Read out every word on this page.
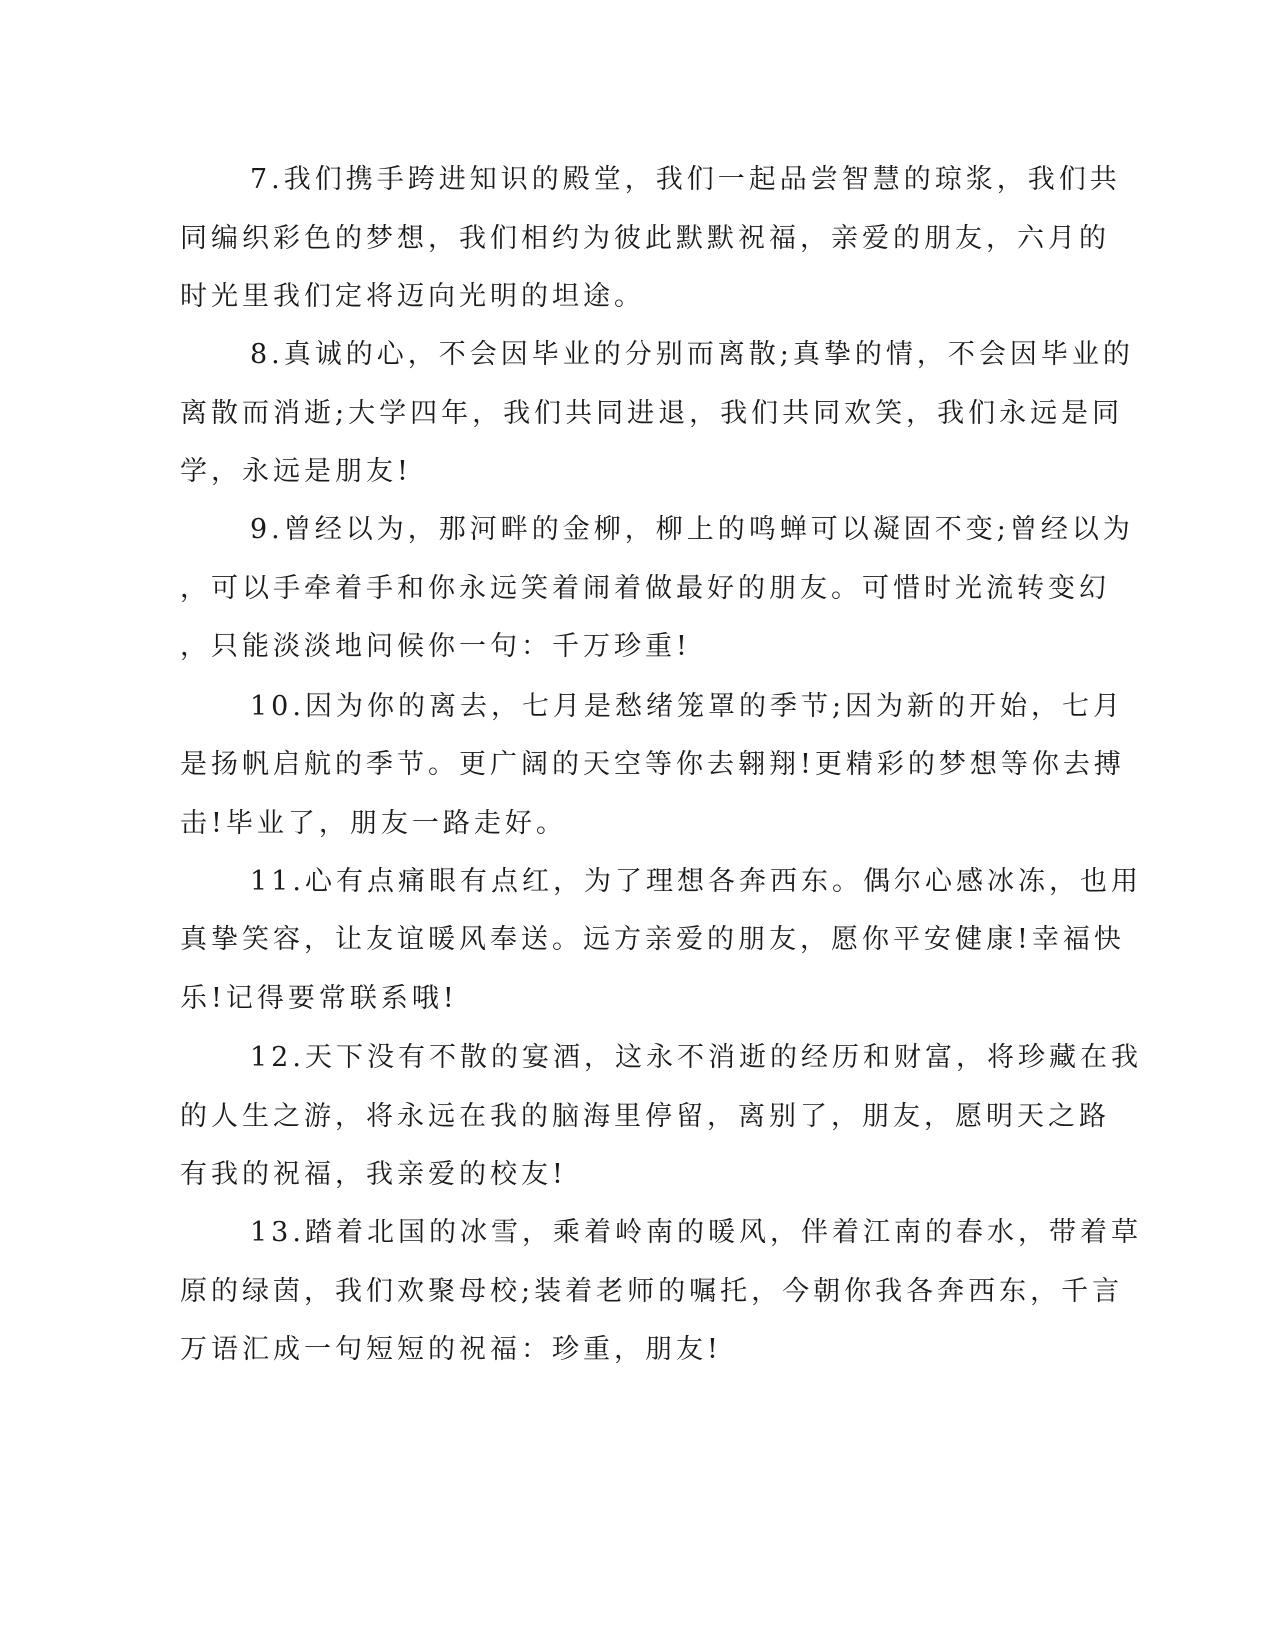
7.我们携手跨进知识的殿堂，我们一起品尝智慧的琼浆，我们共
同编织彩色的梦想，我们相约为彼此默默祝福，亲爱的朋友，六月的
时光里我们定将迈向光明的坦途。
8.真诚的心，不会因毕业的分别而离散;真挚的情，不会因毕业的
离散而消逝;大学四年，我们共同进退，我们共同欢笑，我们永远是同
学，永远是朋友!
9.曾经以为，那河畔的金柳，柳上的鸣蝉可以凝固不变;曾经以为
，可以手牵着手和你永远笑着闹着做最好的朋友。可惜时光流转变幻
，只能淡淡地问候你一句：千万珍重!
10.因为你的离去，七月是愁绪笼罩的季节;因为新的开始，七月
是扬帆启航的季节。更广阔的天空等你去翱翔!更精彩的梦想等你去搏
击!毕业了，朋友一路走好。
11.心有点痛眼有点红，为了理想各奔西东。偶尔心感冰冻，也用
真挚笑容，让友谊暖风奉送。远方亲爱的朋友，愿你平安健康!幸福快
乐!记得要常联系哦!
12.天下没有不散的宴酒，这永不消逝的经历和财富，将珍藏在我
的人生之游，将永远在我的脑海里停留，离别了，朋友，愿明天之路
有我的祝福，我亲爱的校友!
13.踏着北国的冰雪，乘着岭南的暖风，伴着江南的春水，带着草
原的绿茵，我们欢聚母校;装着老师的嘱托，今朝你我各奔西东，千言
万语汇成一句短短的祝福：珍重，朋友!
